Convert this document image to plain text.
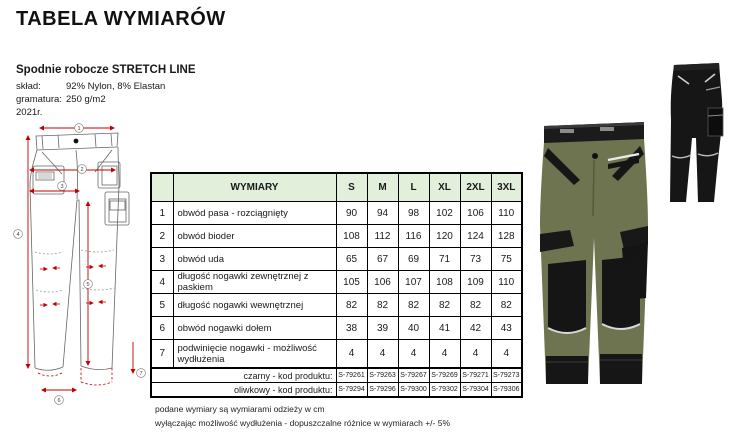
TABELA WYMIARÓW
Spodnie robocze STRETCH LINE
skład:	92% Nylon, 8% Elastan
gramatura: 250 g/m2
2021r.
1
2
3
4
5
6
7
	WYMIARY	S	M	L	XL	2XL	3XL
1	obwód pasa - rozciągnięty	90	94	98	102	106	110
2	obwód bioder	108	112	116	120	124	128
3	obwód uda	65	67	69	71	73	75
4	długość nogawki zewnętrznej z paskiem	105	106	107	108	109	110
5	długość nogawki wewnętrznej	82	82	82	82	82	82
6	obwód nogawki dołem	38	39	40	41	42	43
7	podwinięcie nogawki - możliwość wydłużenia	4	4	4	4	4	4
czarny - kod produktu:		S-79261	S-79263	S-79267	S-79269	S-79271	S-79273
oliwkowy - kod produktu:		S-79294	S-79296	S-79300	S-79302	S-79304	S-79306
podane wymiary są wymiarami odzieży w cm
wyłączając możliwość wydłużenia - dopuszczalne różnice w wymiarach +/- 5%
